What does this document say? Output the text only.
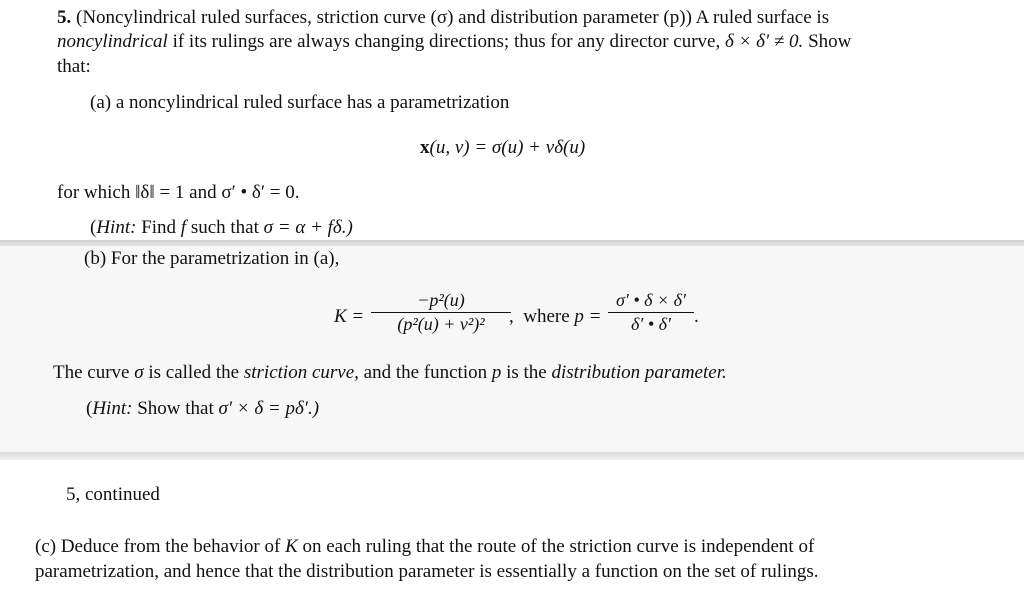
5. (Noncylindrical ruled surfaces, striction curve (σ) and distribution parameter (p)) A ruled surface is
noncylindrical if its rulings are always changing directions; thus for any director curve, δ × δ′ ≠ 0. Show
that:
(a) a noncylindrical ruled surface has a parametrization
x(u, v) = σ(u) + vδ(u)
for which ‖δ‖ = 1 and σ′ • δ′ = 0.
(Hint: Find f such that σ = α + fδ.)
(b) For the parametrization in (a),
K =
−p²(u)
(p²(u) + v²)²	, where p =
σ′ • δ × δ′
δ′ • δ′	.
The curve σ is called the striction curve, and the function p is the distribution parameter.
(Hint: Show that σ′ × δ = pδ′.)
5, continued
(c) Deduce from the behavior of K on each ruling that the route of the striction curve is independent of
parametrization, and hence that the distribution parameter is essentially a function on the set of rulings.
